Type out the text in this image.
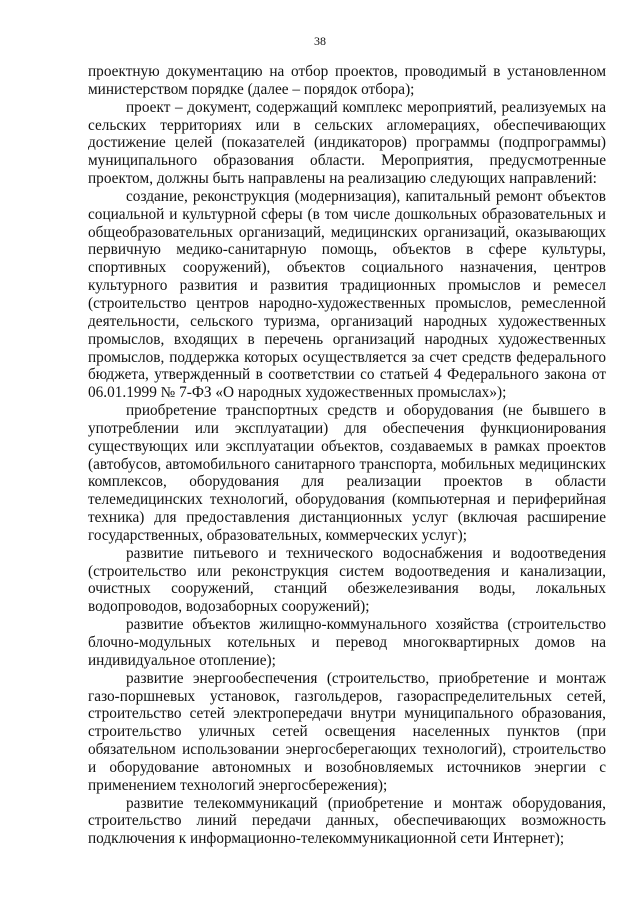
38

проектную документацию на отбор проектов, проводимый в установленном министерством порядке (далее – порядок отбора);

проект – документ, содержащий комплекс мероприятий, реализуемых на сельских территориях или в сельских агломерациях, обеспечивающих достижение целей (показателей (индикаторов) программы (подпрограммы) муниципального образования области. Мероприятия, предусмотренные проектом, должны быть направлены на реализацию следующих направлений:

создание, реконструкция (модернизация), капитальный ремонт объектов социальной и культурной сферы (в том числе дошкольных образовательных и общеобразовательных организаций, медицинских организаций, оказывающих первичную медико-санитарную помощь, объектов в сфере культуры, спортивных сооружений), объектов социального назначения, центров культурного развития и развития традиционных промыслов и ремесел (строительство центров народно-художественных промыслов, ремесленной деятельности, сельского туризма, организаций народных художественных промыслов, входящих в перечень организаций народных художественных промыслов, поддержка которых осуществляется за счет средств федерального бюджета, утвержденный в соответствии со статьей 4 Федерального закона от 06.01.1999 № 7-ФЗ «О народных художественных промыслах»);

приобретение транспортных средств и оборудования (не бывшего в употреблении или эксплуатации) для обеспечения функционирования существующих или эксплуатации объектов, создаваемых в рамках проектов (автобусов, автомобильного санитарного транспорта, мобильных медицинских комплексов, оборудования для реализации проектов в области телемедицинских технологий, оборудования (компьютерная и периферийная техника) для предоставления дистанционных услуг (включая расширение государственных, образовательных, коммерческих услуг);

развитие питьевого и технического водоснабжения и водоотведения (строительство или реконструкция систем водоотведения и канализации, очистных сооружений, станций обезжелезивания воды, локальных водопроводов, водозаборных сооружений);

развитие объектов жилищно-коммунального хозяйства (строительство блочно-модульных котельных и перевод многоквартирных домов на индивидуальное отопление);

развитие энергообеспечения (строительство, приобретение и монтаж газо-поршневых установок, газгольдеров, газораспределительных сетей, строительство сетей электропередачи внутри муниципального образования, строительство уличных сетей освещения населенных пунктов (при обязательном использовании энергосберегающих технологий), строительство и оборудование автономных и возобновляемых источников энергии с применением технологий энергосбережения);

развитие телекоммуникаций (приобретение и монтаж оборудования, строительство линий передачи данных, обеспечивающих возможность подключения к информационно-телекоммуникационной сети Интернет);
